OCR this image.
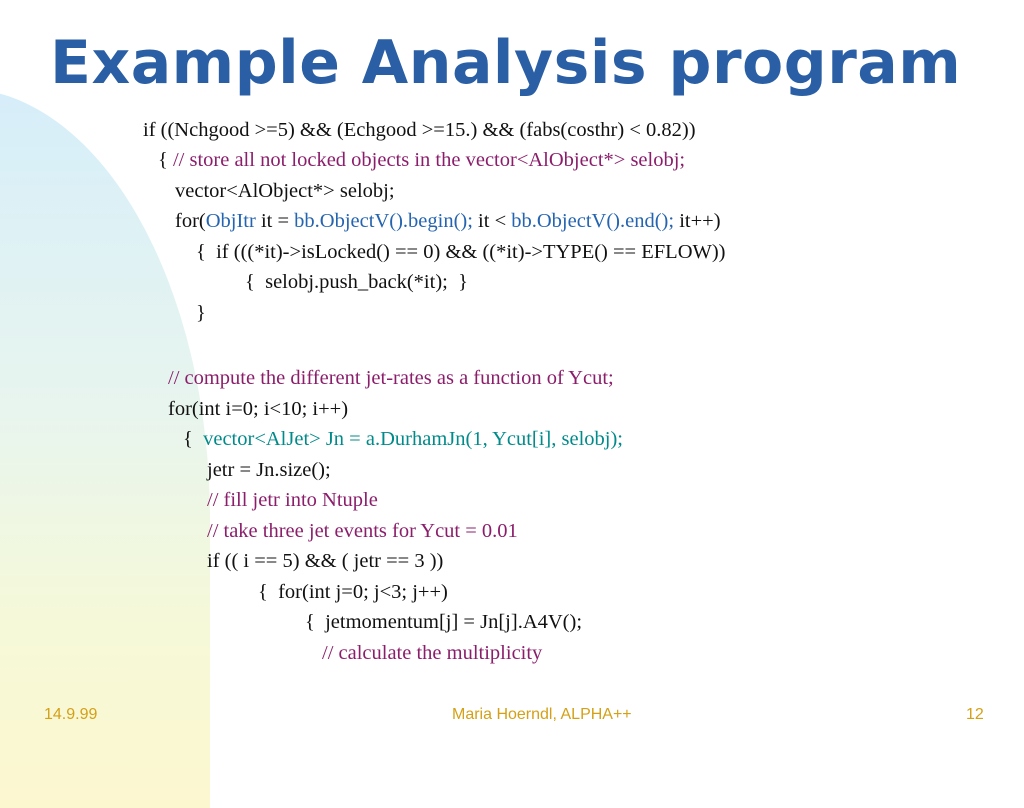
Example Analysis program
if ((Nchgood >=5) && (Echgood >=15.) && (fabs(costhr) < 0.82))
{ // store all not locked objects in the vector<AlObject*> selobj;
vector<AlObject*> selobj;
for(ObjItr it = bb.ObjectV().begin(); it < bb.ObjectV().end(); it++)
{  if (((*it)->isLocked() == 0) && ((*it)->TYPE() == EFLOW))
{  selobj.push_back(*it);  }
}
// compute the different jet-rates as a function of Ycut;
for(int i=0; i<10; i++)
{  vector<AlJet> Jn = a.DurhamJn(1, Ycut[i], selobj);
jetr = Jn.size();
// fill jetr into Ntuple
// take three jet events for Ycut = 0.01
if (( i == 5) && ( jetr == 3 ))
{  for(int j=0; j<3; j++)
{  jetmomentum[j] = Jn[j].A4V();
// calculate the multiplicity
14.9.99	Maria Hoerndl, ALPHA++	12
